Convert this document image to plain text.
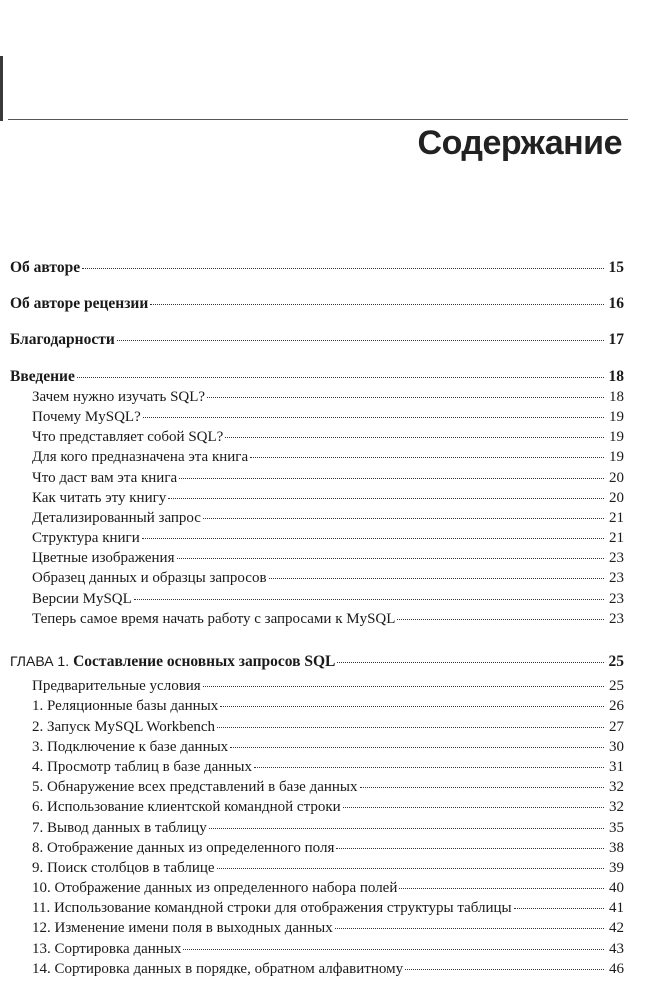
Содержание
Об авторе	15
Об авторе рецензии	16
Благодарности	17
Введение	18
Зачем нужно изучать SQL?	18
Почему MySQL?	19
Что представляет собой SQL?	19
Для кого предназначена эта книга	19
Что даст вам эта книга	20
Как читать эту книгу	20
Детализированный запрос	21
Структура книги	21
Цветные изображения	23
Образец данных и образцы запросов	23
Версии MySQL	23
Теперь самое время начать работу с запросами к MySQL	23
ГЛАВА 1. Составление основных запросов SQL	25
Предварительные условия	25
1. Реляционные базы данных	26
2. Запуск MySQL Workbench	27
3. Подключение к базе данных	30
4. Просмотр таблиц в базе данных	31
5. Обнаружение всех представлений в базе данных	32
6. Использование клиентской командной строки	32
7. Вывод данных в таблицу	35
8. Отображение данных из определенного поля	38
9. Поиск столбцов в таблице	39
10. Отображение данных из определенного набора полей	40
11. Использование командной строки для отображения структуры таблицы	41
12. Изменение имени поля в выходных данных	42
13. Сортировка данных	43
14. Сортировка данных в порядке, обратном алфавитному	46
